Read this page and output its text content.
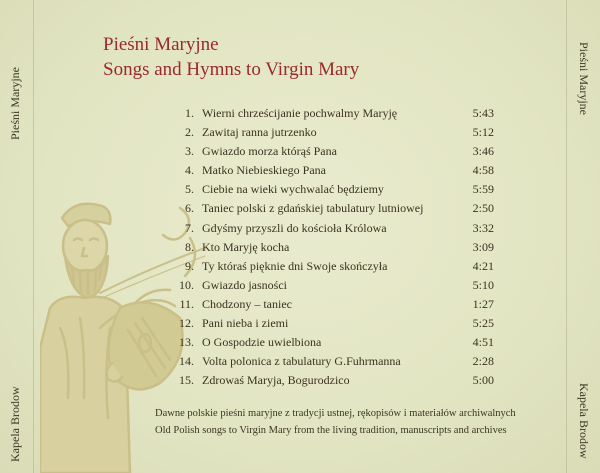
Pieśni Maryjne
Kapela Brodow
Pieśni Maryjne
Kapela Brodow
Pieśni Maryjne
Songs and Hymns to Virgin Mary
1. Wierni chrześcijanie pochwalmy Maryję	5:43
2. Zawitaj ranna jutrzenko	5:12
3. Gwiazdo morza którąś Pana	3:46
4. Matko Niebieskiego Pana	4:58
5. Ciebie na wieki wychwalać będziemy	5:59
6. Taniec polski z gdańskiej tabulatury lutniowej	2:50
7. Gdyśmy przyszli do kościoła Królowa	3:32
8. Kto Maryję kocha	3:09
9. Ty któraś pięknie dni Swoje skończyła	4:21
10. Gwiazdo jasności	5:10
11. Chodzony – taniec	1:27
12. Pani nieba i ziemi	5:25
13. O Gospodzie uwielbiona	4:51
14. Volta polonica z tabulatury G.Fuhrmanna	2:28
15. Zdrowaś Maryja, Bogurodzico	5:00
Dawne polskie pieśni maryjne z tradycji ustnej, rękopisów i materiałów archiwalnych
Old Polish songs to Virgin Mary from the living tradition, manuscripts and archives
